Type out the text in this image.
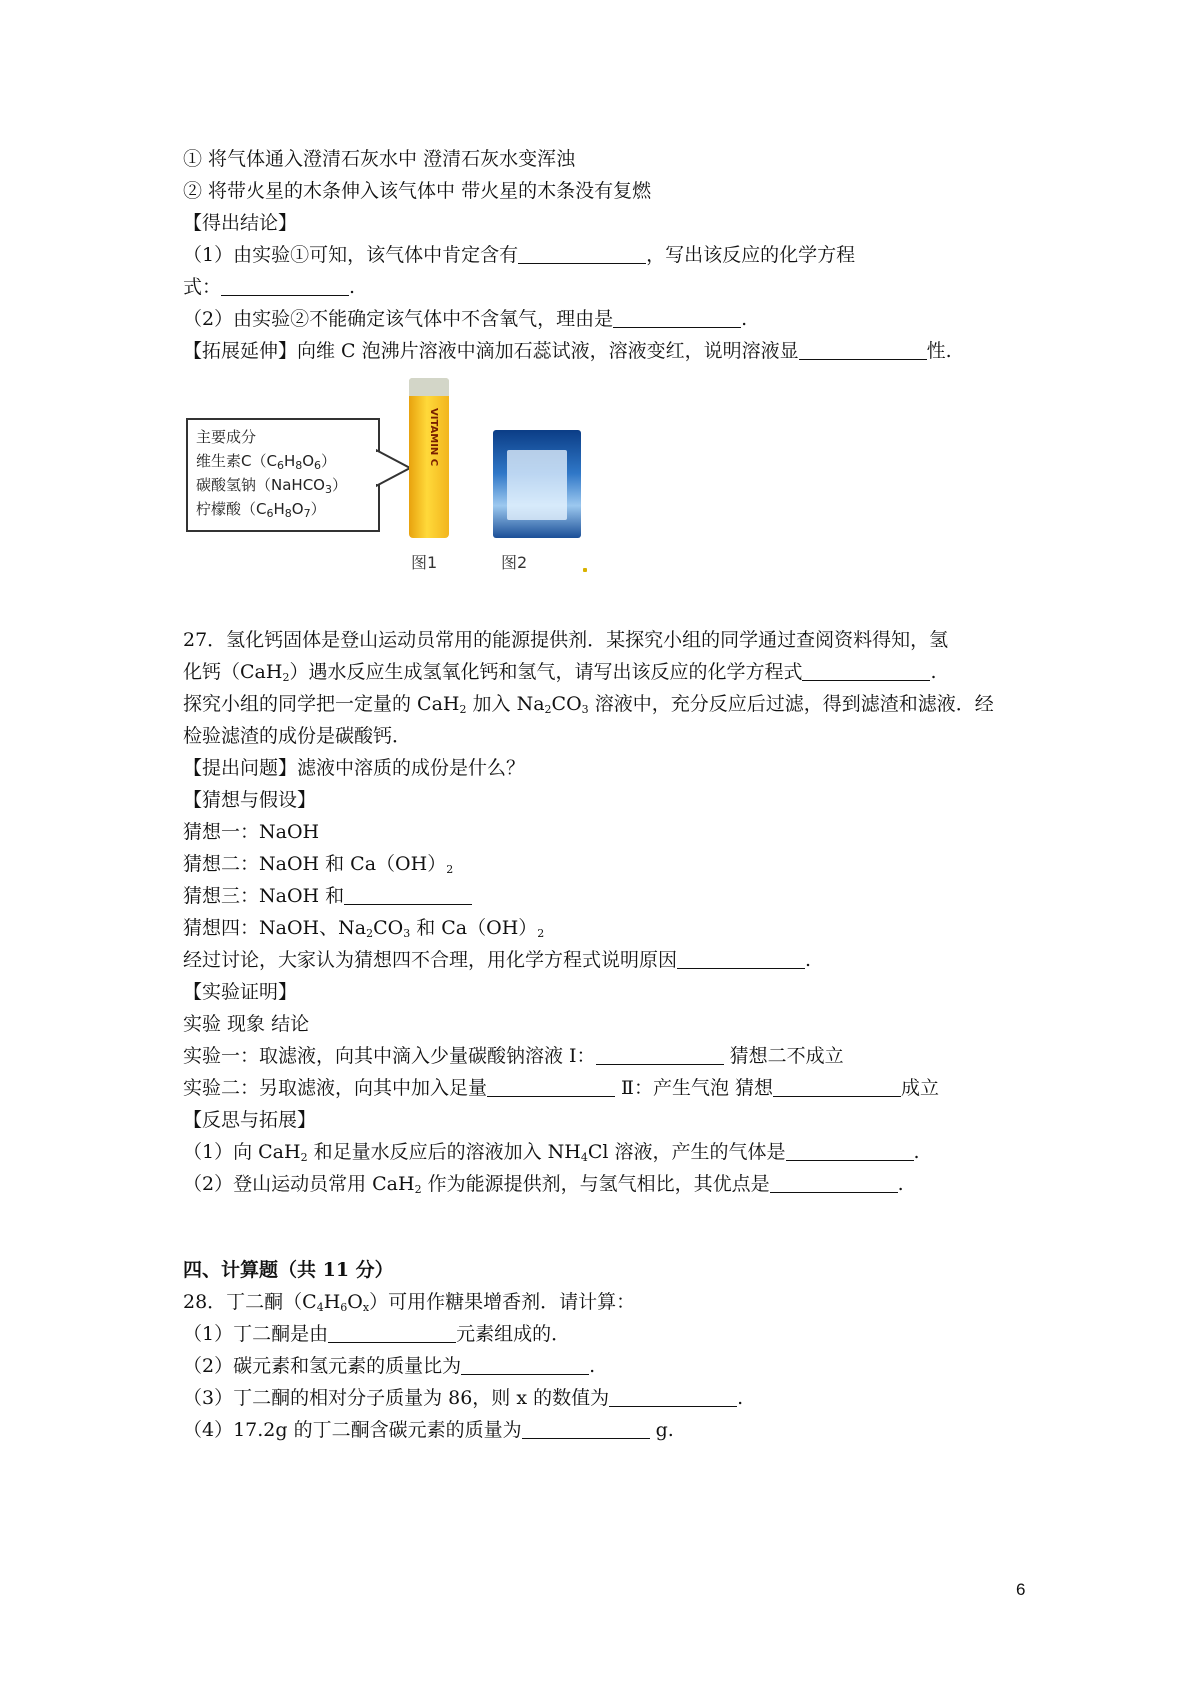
① 将气体通入澄清石灰水中 澄清石灰水变浑浊
② 将带火星的木条伸入该气体中 带火星的木条没有复燃
【得出结论】
（1）由实验①可知，该气体中肯定含有	，写出该反应的化学方程
式：	.
（2）由实验②不能确定该气体中不含氧气，理由是	.
【拓展延伸】向维 C 泡沸片溶液中滴加石蕊试液，溶液变红，说明溶液显	性.
主要成分
维生素$C(C_6H_8O_6)$
碳酸氢钠（NaHCO$_3$）
柠檬酸$(C_6H_8O_7)$
VITAMIN C
图1	图2
27．氢化钙固体是登山运动员常用的能源提供剂．某探究小组的同学通过查阅资料得知，氢
化钙（CaH$_2$）遇水反应生成氢氧化钙和氢气，请写出该反应的化学方程式	.
探究小组的同学把一定量的 CaH$_2$ 加入 $Na_2CO_3$ 溶液中，充分反应后过滤，得到滤渣和滤液．经
检验滤渣的成份是碳酸钙．
【提出问题】滤液中溶质的成份是什么？
【猜想与假设】
猜想一：NaOH
猜想二：NaOH 和 $Ca(OH)_2$
猜想三：NaOH 和
猜想四：NaOH、$Na_2CO_3$ 和 $Ca(OH)_2$
经过讨论，大家认为猜想四不合理，用化学方程式说明原因	.
【实验证明】
实验 现象 结论
实验一：取滤液，向其中滴入少量碳酸钠溶液 Ⅰ：	猜想二不成立
实验二：另取滤液，向其中加入足量	Ⅱ：产生气泡 猜想	成立
【反思与拓展】
（1）向 CaH$_2$ 和足量水反应后的溶液加入 $NH_4Cl$ 溶液，产生的气体是	.
（2）登山运动员常用 CaH$_2$ 作为能源提供剂，与氢气相比，其优点是	.
四、计算题（共 11 分）
28．丁二酮$(C_4H_6O_x)$可用作糖果增香剂．请计算：
（1）丁二酮是由	元素组成的．
（2）碳元素和氢元素的质量比为	.
（3）丁二酮的相对分子质量为 86，则 x 的数值为	.
（4）17.2g 的丁二酮含碳元素的质量为	g.
6
